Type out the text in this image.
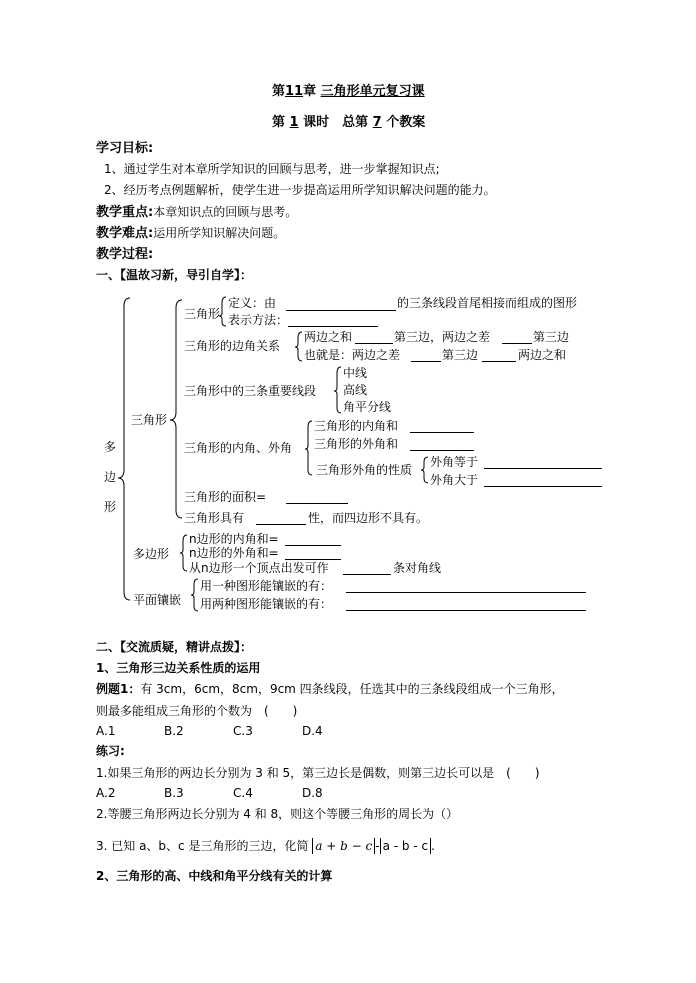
第11章 三角形单元复习课
第 1 课时　总第 7 个教案
学习目标:
1、通过学生对本章所学知识的回顾与思考，进一步掌握知识点;
2、经历考点例题解析，使学生进一步提高运用所学知识解决问题的能力。
教学重点:本章知识点的回顾与思考。
教学难点:运用所学知识解决问题。
教学过程:
一、【温故习新，导引自学】：
多
边
形
三角形
三角形
定义：由	的三条线段首尾相接而组成的图形
表示方法：
三角形的边角关系
两边之和	第三边，两边之差	第三边
也就是：两边之差	第三边	两边之和
三角形中的三条重要线段
中线
高线
角平分线
三角形的内角、外角
三角形的内角和
三角形的外角和
三角形外角的性质
外角等于
外角大于
三角形的面积=
三角形具有	性，而四边形不具有。
多边形
n边形的内角和=
n边形的外角和=
从n边形一个顶点出发可作	条对角线
平面镶嵌
用一种图形能镶嵌的有：
用两种图形能镶嵌的有：
二、【交流质疑，精讲点拨】：
1、三角形三边关系性质的运用
例题1：有 3cm，6cm，8cm，9cm 四条线段，任选其中的三条线段组成一个三角形，
则最多能组成三角形的个数为　(　　)
A.1	B.2	C.3	D.4
练习:
1.如果三角形的两边长分别为 3 和 5，第三边长是偶数，则第三边长可以是　(　　)
A.2	B.3	C.4	D.8
2.等腰三角形两边长分别为 4 和 8，则这个等腰三角形的周长为（）
3. 已知 a、b、c 是三角形的三边，化简 a + b − c - a - b - c .
2、三角形的高、中线和角平分线有关的计算
